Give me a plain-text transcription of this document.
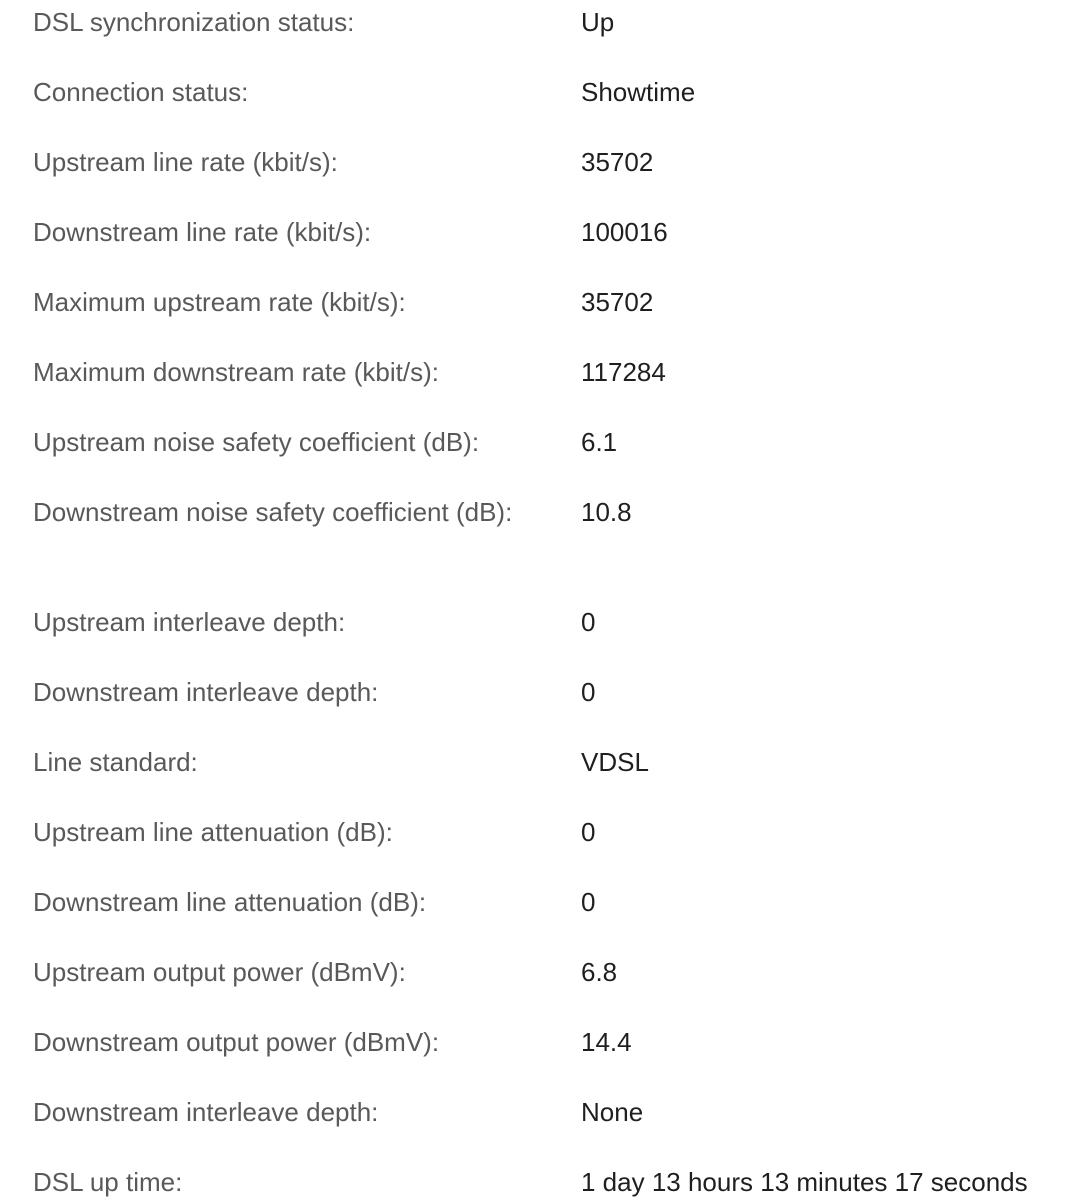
DSL synchronization status:	Up
Connection status:	Showtime
Upstream line rate (kbit/s):	35702
Downstream line rate (kbit/s):	100016
Maximum upstream rate (kbit/s):	35702
Maximum downstream rate (kbit/s):	117284
Upstream noise safety coefficient (dB):	6.1
Downstream noise safety coefficient (dB):	10.8
Upstream interleave depth:	0
Downstream interleave depth:	0
Line standard:	VDSL
Upstream line attenuation (dB):	0
Downstream line attenuation (dB):	0
Upstream output power (dBmV):	6.8
Downstream output power (dBmV):	14.4
Downstream interleave depth:	None
DSL up time:	1 day 13 hours 13 minutes 17 seconds
